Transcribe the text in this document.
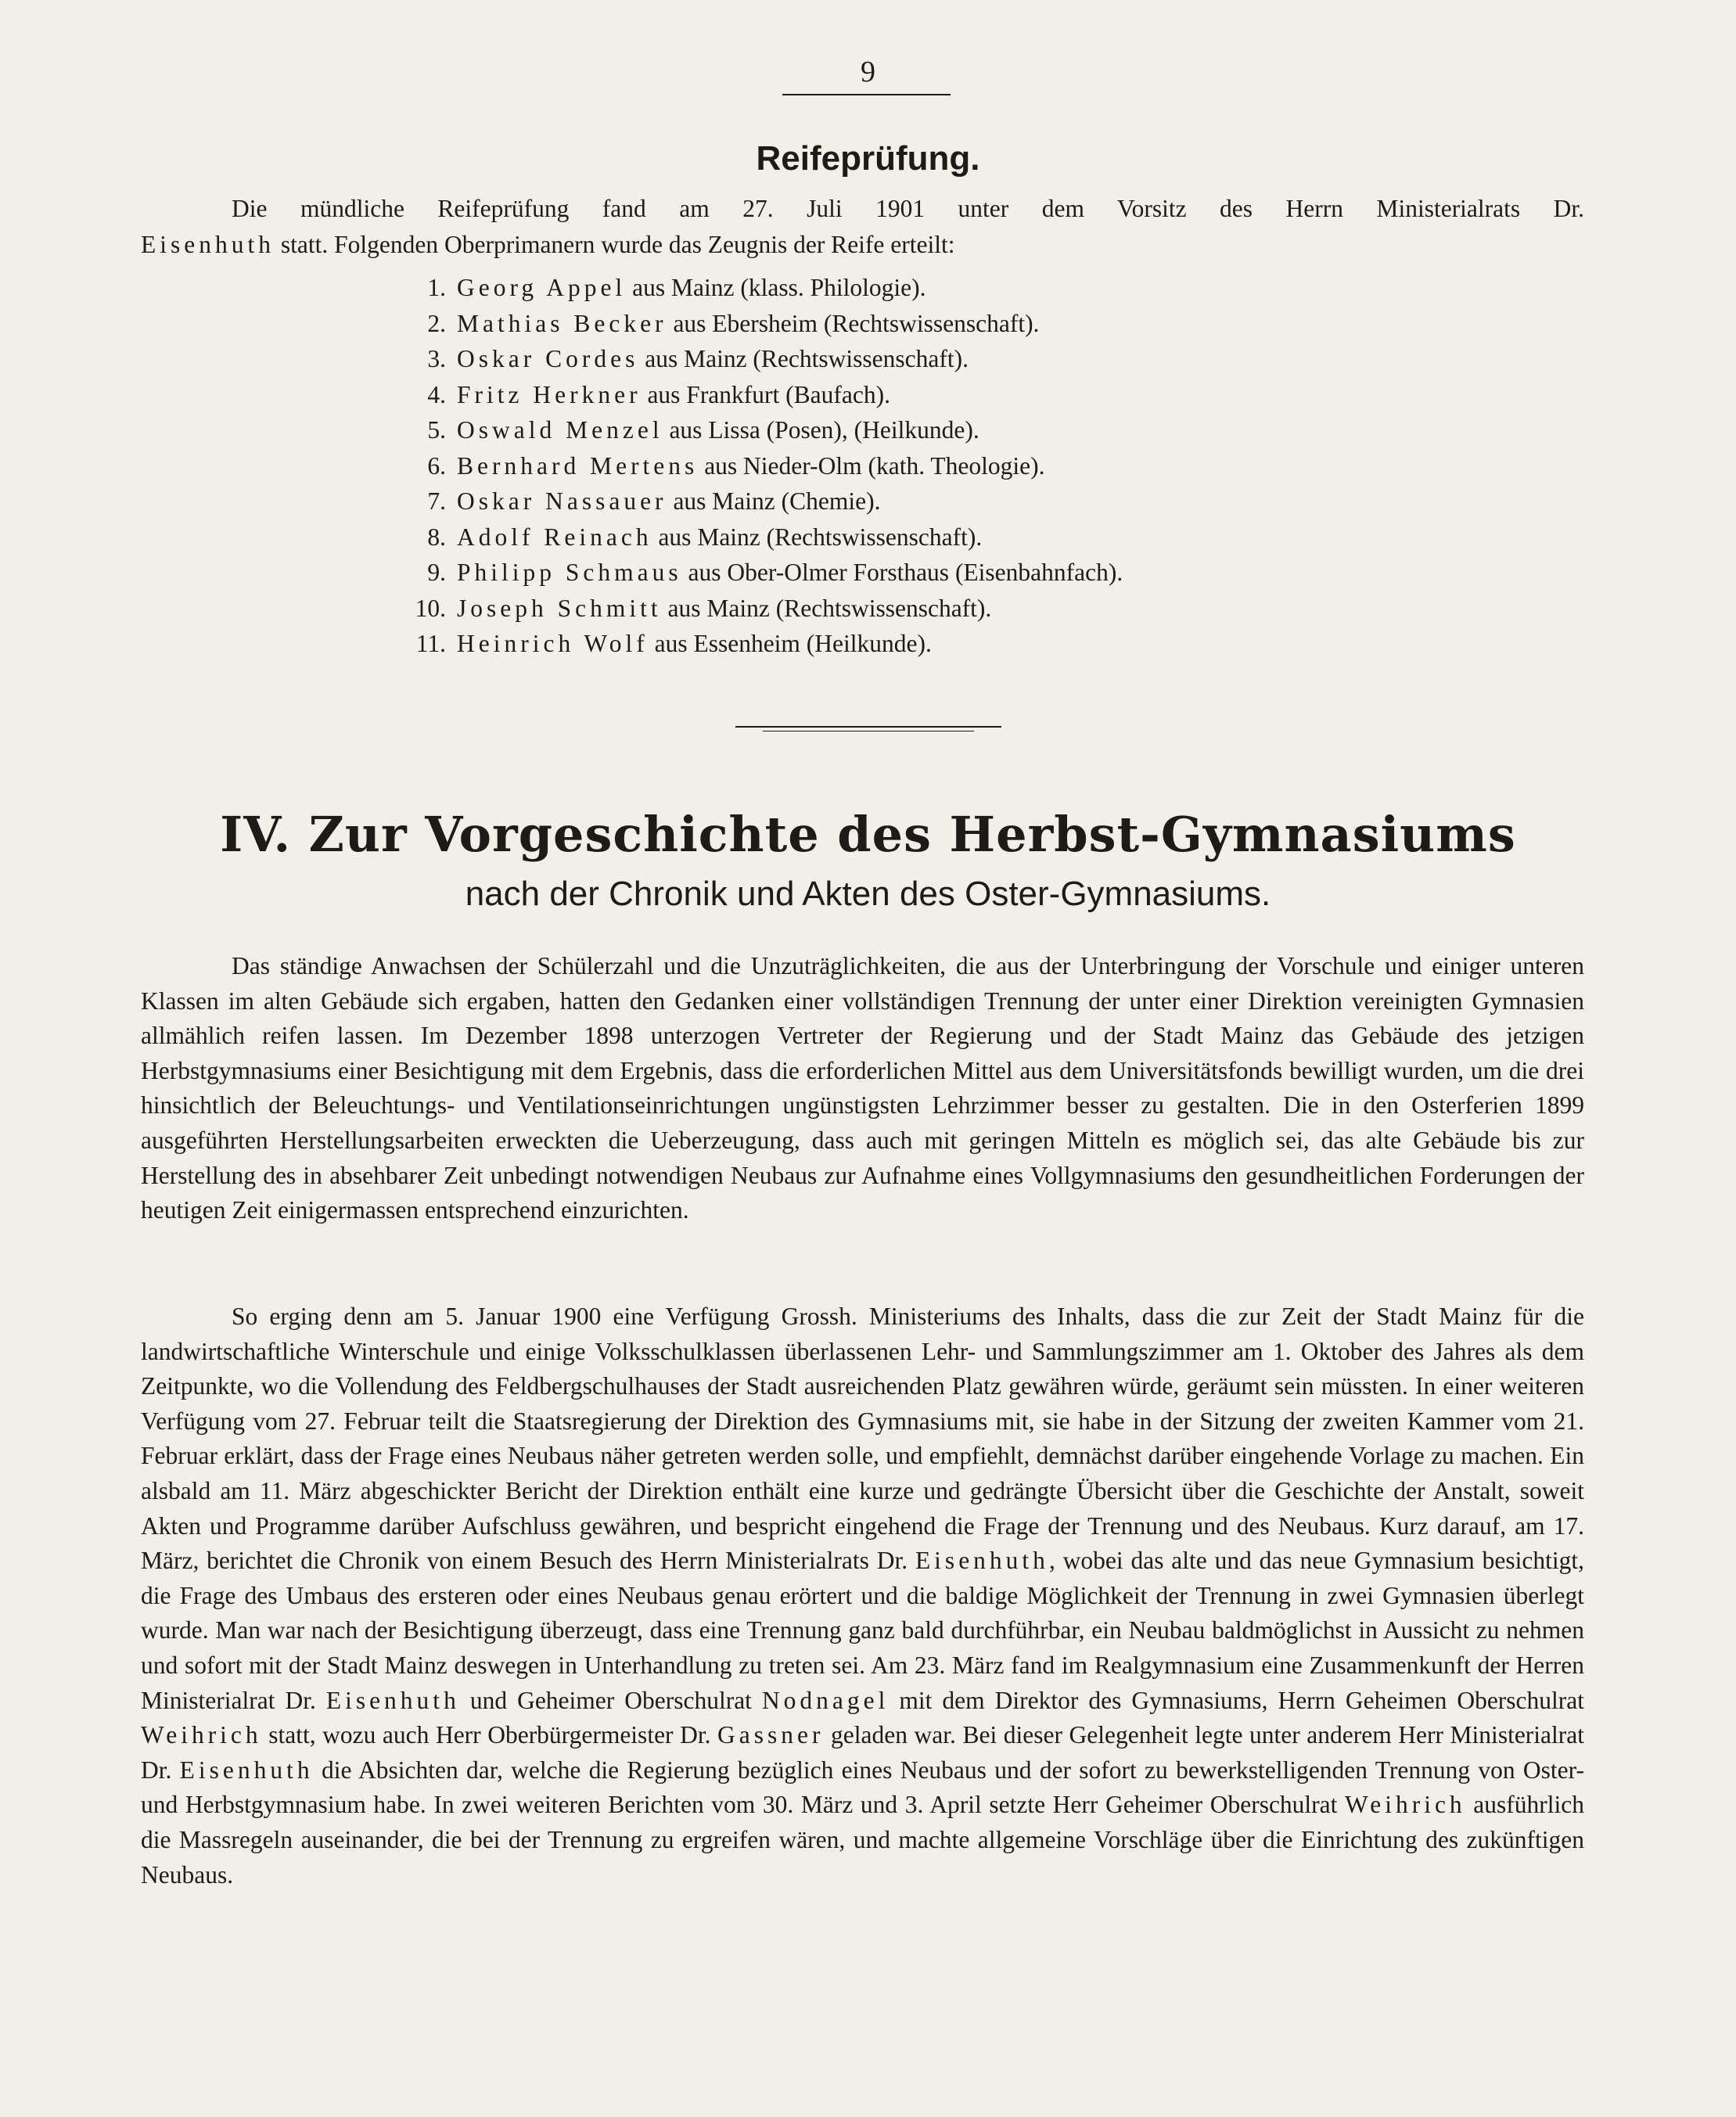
9
Reifeprüfung.

Die mündliche Reifeprüfung fand am 27. Juli 1901 unter dem Vorsitz des Herrn Ministerialrats Dr.

Eisenhuth statt. Folgenden Oberprimanern wurde das Zeugnis der Reife erteilt:

1. Georg Appel aus Mainz (klass. Philologie).
2. Mathias Becker aus Ebersheim (Rechtswissenschaft).
3. Oskar Cordes aus Mainz (Rechtswissenschaft).
4. Fritz Herkner aus Frankfurt (Baufach).
5. Oswald Menzel aus Lissa (Posen), (Heilkunde).
6. Bernhard Mertens aus Nieder-Olm (kath. Theologie).
7. Oskar Nassauer aus Mainz (Chemie).
8. Adolf Reinach aus Mainz (Rechtswissenschaft).
9. Philipp Schmaus aus Ober-Olmer Forsthaus (Eisenbahnfach).
10. Joseph Schmitt aus Mainz (Rechtswissenschaft).
11. Heinrich Wolf aus Essenheim (Heilkunde).
IV. Zur Vorgeschichte des Herbst-Gymnasiums
nach der Chronik und Akten des Oster-Gymnasiums.

Das ständige Anwachsen der Schülerzahl und die Unzuträglichkeiten, die aus der Unterbringung der Vorschule und einiger unteren Klassen im alten Gebäude sich ergaben, hatten den Gedanken einer vollständigen Trennung der unter einer Direktion vereinigten Gymnasien allmählich reifen lassen. Im Dezember 1898 unterzogen Vertreter der Regierung und der Stadt Mainz das Gebäude des jetzigen Herbstgymnasiums einer Besichtigung mit dem Ergebnis, dass die erforderlichen Mittel aus dem Universitätsfonds bewilligt wurden, um die drei hinsichtlich der Beleuchtungs- und Ventilationseinrichtungen ungünstigsten Lehrzimmer besser zu gestalten. Die in den Osterferien 1899 ausgeführten Herstellungsarbeiten erweckten die Ueberzeugung, dass auch mit geringen Mitteln es möglich sei, das alte Gebäude bis zur Herstellung des in absehbarer Zeit unbedingt notwendigen Neubaus zur Aufnahme eines Vollgymnasiums den gesundheitlichen Forderungen der heutigen Zeit einigermassen entsprechend einzurichten.

So erging denn am 5. Januar 1900 eine Verfügung Grossh. Ministeriums des Inhalts, dass die zur Zeit der Stadt Mainz für die landwirtschaftliche Winterschule und einige Volksschulklassen überlassenen Lehr- und Sammlungszimmer am 1. Oktober des Jahres als dem Zeitpunkte, wo die Vollendung des Feldbergschulhauses der Stadt ausreichenden Platz gewähren würde, geräumt sein müssten. In einer weiteren Verfügung vom 27. Februar teilt die Staatsregierung der Direktion des Gymnasiums mit, sie habe in der Sitzung der zweiten Kammer vom 21. Februar erklärt, dass der Frage eines Neubaus näher getreten werden solle, und empfiehlt, demnächst darüber eingehende Vorlage zu machen. Ein alsbald am 11. März abgeschickter Bericht der Direktion enthält eine kurze und gedrängte Übersicht über die Geschichte der Anstalt, soweit Akten und Programme darüber Aufschluss gewähren, und bespricht eingehend die Frage der Trennung und des Neubaus. Kurz darauf, am 17. März, berichtet die Chronik von einem Besuch des Herrn Ministerialrats Dr. Eisenhuth, wobei das alte und das neue Gymnasium besichtigt, die Frage des Umbaus des ersteren oder eines Neubaus genau erörtert und die baldige Möglichkeit der Trennung in zwei Gymnasien überlegt wurde. Man war nach der Besichtigung überzeugt, dass eine Trennung ganz bald durchführbar, ein Neubau baldmöglichst in Aussicht zu nehmen und sofort mit der Stadt Mainz deswegen in Unterhandlung zu treten sei. Am 23. März fand im Realgymnasium eine Zusammenkunft der Herren Ministerialrat Dr. Eisenhuth und Geheimer Oberschulrat Nodnagel mit dem Direktor des Gymnasiums, Herrn Geheimen Oberschulrat Weihrich statt, wozu auch Herr Oberbürgermeister Dr. Gassner geladen war. Bei dieser Gelegenheit legte unter anderem Herr Ministerialrat Dr. Eisenhuth die Absichten dar, welche die Regierung bezüglich eines Neubaus und der sofort zu bewerkstelligenden Trennung von Oster- und Herbstgymnasium habe. In zwei weiteren Berichten vom 30. März und 3. April setzte Herr Geheimer Oberschulrat Weihrich ausführlich die Massregeln auseinander, die bei der Trennung zu ergreifen wären, und machte allgemeine Vorschläge über die Einrichtung des zukünftigen Neubaus.
